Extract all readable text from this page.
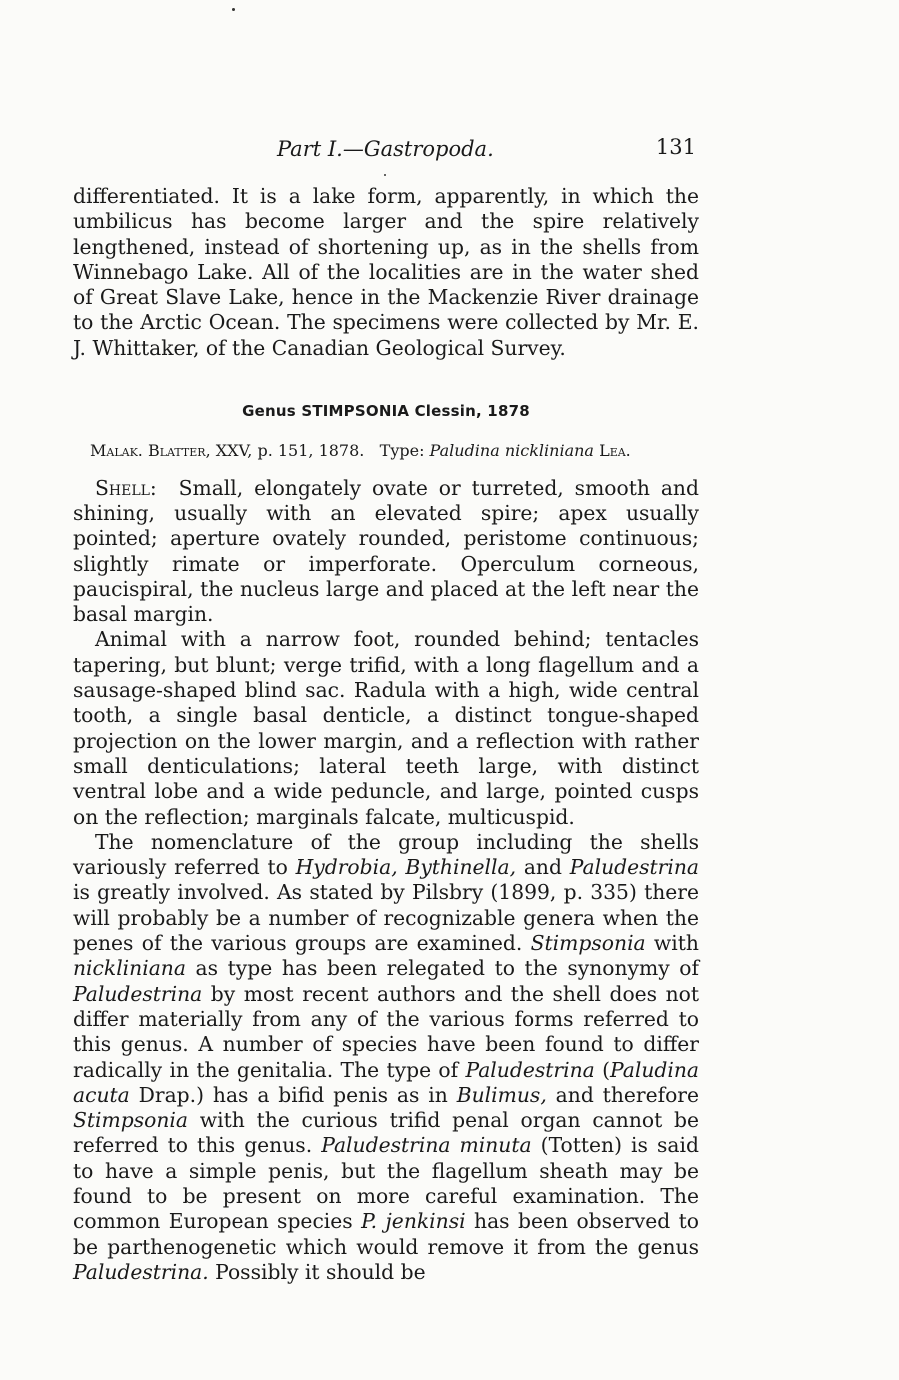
Part I.—Gastropoda.	131

differentiated. It is a lake form, apparently, in which the umbilicus has become larger and the spire relatively lengthened, instead of shortening up, as in the shells from Winnebago Lake. All of the localities are in the water shed of Great Slave Lake, hence in the Mackenzie River drainage to the Arctic Ocean. The specimens were collected by Mr. E. J. Whittaker, of the Canadian Geological Survey.

Genus STIMPSONIA Clessin, 1878
Malak. Blatter, XXV, p. 151, 1878. Type: Paludina nickliniana Lea.

Shell: Small, elongately ovate or turreted, smooth and shining, usually with an elevated spire; apex usually pointed; aperture ovately rounded, peristome continuous; slightly rimate or imperforate. Operculum corneous, paucispiral, the nucleus large and placed at the left near the basal margin.

Animal with a narrow foot, rounded behind; tentacles tapering, but blunt; verge trifid, with a long flagellum and a sausage-shaped blind sac. Radula with a high, wide central tooth, a single basal denticle, a distinct tongue-shaped projection on the lower margin, and a reflection with rather small denticulations; lateral teeth large, with distinct ventral lobe and a wide peduncle, and large, pointed cusps on the reflection; marginals falcate, multicuspid.

The nomenclature of the group including the shells variously referred to Hydrobia, Bythinella, and Paludestrina is greatly involved. As stated by Pilsbry (1899, p. 335) there will probably be a number of recognizable genera when the penes of the various groups are examined. Stimpsonia with nickliniana as type has been relegated to the synonymy of Paludestrina by most recent authors and the shell does not differ materially from any of the various forms referred to this genus. A number of species have been found to differ radically in the genitalia. The type of Paludestrina (Paludina acuta Drap.) has a bifid penis as in Bulimus, and therefore Stimpsonia with the curious trifid penal organ cannot be referred to this genus. Paludestrina minuta (Totten) is said to have a simple penis, but the flagellum sheath may be found to be present on more careful examination. The common European species P. jenkinsi has been observed to be parthenogenetic which would remove it from the genus Paludestrina. Possibly it should be
